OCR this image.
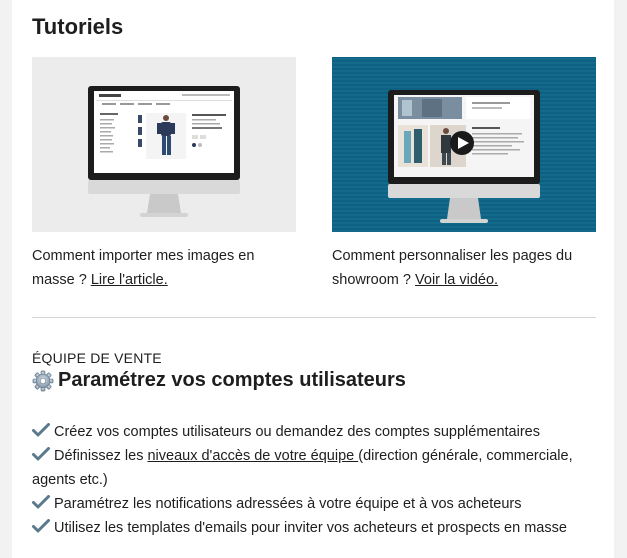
Tutoriels
Comment importer mes images en masse ? Lire l'article.
Comment personnaliser les pages du showroom ? Voir la vidéo.
ÉQUIPE DE VENTE
Paramétrez vos comptes utilisateurs
Créez vos comptes utilisateurs ou demandez des comptes supplémentaires
Définissez les niveaux d'accès de votre équipe (direction générale, commerciale, agents etc.)
Paramétrez les notifications adressées à votre équipe et à vos acheteurs
Utilisez les templates d'emails pour inviter vos acheteurs et prospects en masse
